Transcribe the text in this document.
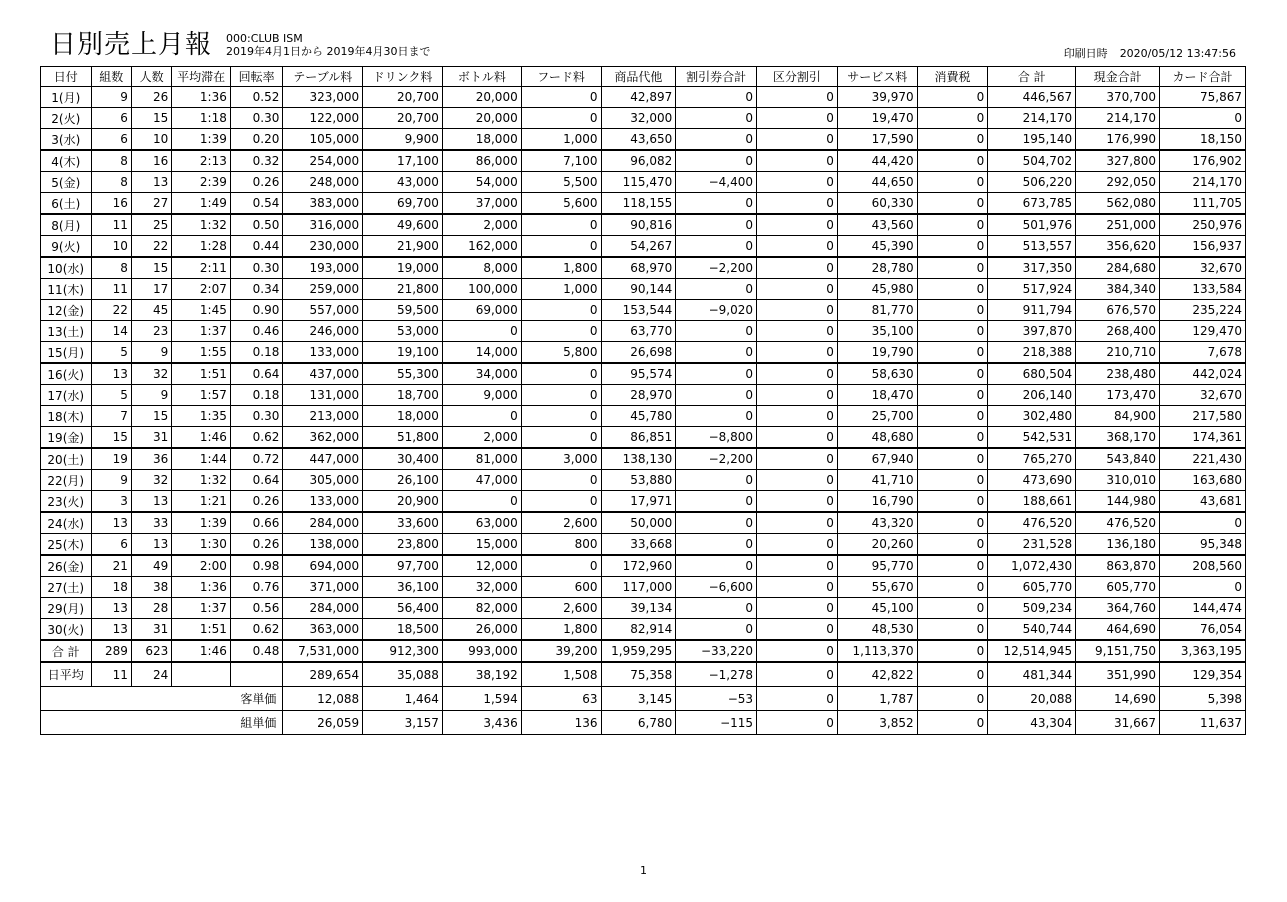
日別売上月報 000:CLUB ISM
2019年4月1日から 2019年4月30日まで	印刷日時 2020/05/12 13:47:56
日付	組数	人数	平均滞在	回転率	テーブル料	ドリンク料	ボトル料	フード料	商品代他	割引券合計	区分割引	サービス料	消費税	合 計	現金合計	カード合計
1(月)	9	26	1:36	0.52	323,000	20,700	20,000	0	42,897	0	0	39,970	0	446,567	370,700	75,867
2(火)	6	15	1:18	0.30	122,000	20,700	20,000	0	32,000	0	0	19,470	0	214,170	214,170	0
3(水)	6	10	1:39	0.20	105,000	9,900	18,000	1,000	43,650	0	0	17,590	0	195,140	176,990	18,150
4(木)	8	16	2:13	0.32	254,000	17,100	86,000	7,100	96,082	0	0	44,420	0	504,702	327,800	176,902
5(金)	8	13	2:39	0.26	248,000	43,000	54,000	5,500	115,470	−4,400	0	44,650	0	506,220	292,050	214,170
6(土)	16	27	1:49	0.54	383,000	69,700	37,000	5,600	118,155	0	0	60,330	0	673,785	562,080	111,705
8(月)	11	25	1:32	0.50	316,000	49,600	2,000	0	90,816	0	0	43,560	0	501,976	251,000	250,976
9(火)	10	22	1:28	0.44	230,000	21,900	162,000	0	54,267	0	0	45,390	0	513,557	356,620	156,937
10(水)	8	15	2:11	0.30	193,000	19,000	8,000	1,800	68,970	−2,200	0	28,780	0	317,350	284,680	32,670
11(木)	11	17	2:07	0.34	259,000	21,800	100,000	1,000	90,144	0	0	45,980	0	517,924	384,340	133,584
12(金)	22	45	1:45	0.90	557,000	59,500	69,000	0	153,544	−9,020	0	81,770	0	911,794	676,570	235,224
13(土)	14	23	1:37	0.46	246,000	53,000	0	0	63,770	0	0	35,100	0	397,870	268,400	129,470
15(月)	5	9	1:55	0.18	133,000	19,100	14,000	5,800	26,698	0	0	19,790	0	218,388	210,710	7,678
16(火)	13	32	1:51	0.64	437,000	55,300	34,000	0	95,574	0	0	58,630	0	680,504	238,480	442,024
17(水)	5	9	1:57	0.18	131,000	18,700	9,000	0	28,970	0	0	18,470	0	206,140	173,470	32,670
18(木)	7	15	1:35	0.30	213,000	18,000	0	0	45,780	0	0	25,700	0	302,480	84,900	217,580
19(金)	15	31	1:46	0.62	362,000	51,800	2,000	0	86,851	−8,800	0	48,680	0	542,531	368,170	174,361
20(土)	19	36	1:44	0.72	447,000	30,400	81,000	3,000	138,130	−2,200	0	67,940	0	765,270	543,840	221,430
22(月)	9	32	1:32	0.64	305,000	26,100	47,000	0	53,880	0	0	41,710	0	473,690	310,010	163,680
23(火)	3	13	1:21	0.26	133,000	20,900	0	0	17,971	0	0	16,790	0	188,661	144,980	43,681
24(水)	13	33	1:39	0.66	284,000	33,600	63,000	2,600	50,000	0	0	43,320	0	476,520	476,520	0
25(木)	6	13	1:30	0.26	138,000	23,800	15,000	800	33,668	0	0	20,260	0	231,528	136,180	95,348
26(金)	21	49	2:00	0.98	694,000	97,700	12,000	0	172,960	0	0	95,770	0	1,072,430	863,870	208,560
27(土)	18	38	1:36	0.76	371,000	36,100	32,000	600	117,000	−6,600	0	55,670	0	605,770	605,770	0
29(月)	13	28	1:37	0.56	284,000	56,400	82,000	2,600	39,134	0	0	45,100	0	509,234	364,760	144,474
30(火)	13	31	1:51	0.62	363,000	18,500	26,000	1,800	82,914	0	0	48,530	0	540,744	464,690	76,054
合 計	289	623	1:46	0.48	7,531,000	912,300	993,000	39,200	1,959,295	−33,220	0	1,113,370	0	12,514,945	9,151,750	3,363,195
日平均	11	24			289,654	35,088	38,192	1,508	75,358	−1,278	0	42,822	0	481,344	351,990	129,354
客単価					12,088	1,464	1,594	63	3,145	−53	0	1,787	0	20,088	14,690	5,398
組単価					26,059	3,157	3,436	136	6,780	−115	0	3,852	0	43,304	31,667	11,637
1
